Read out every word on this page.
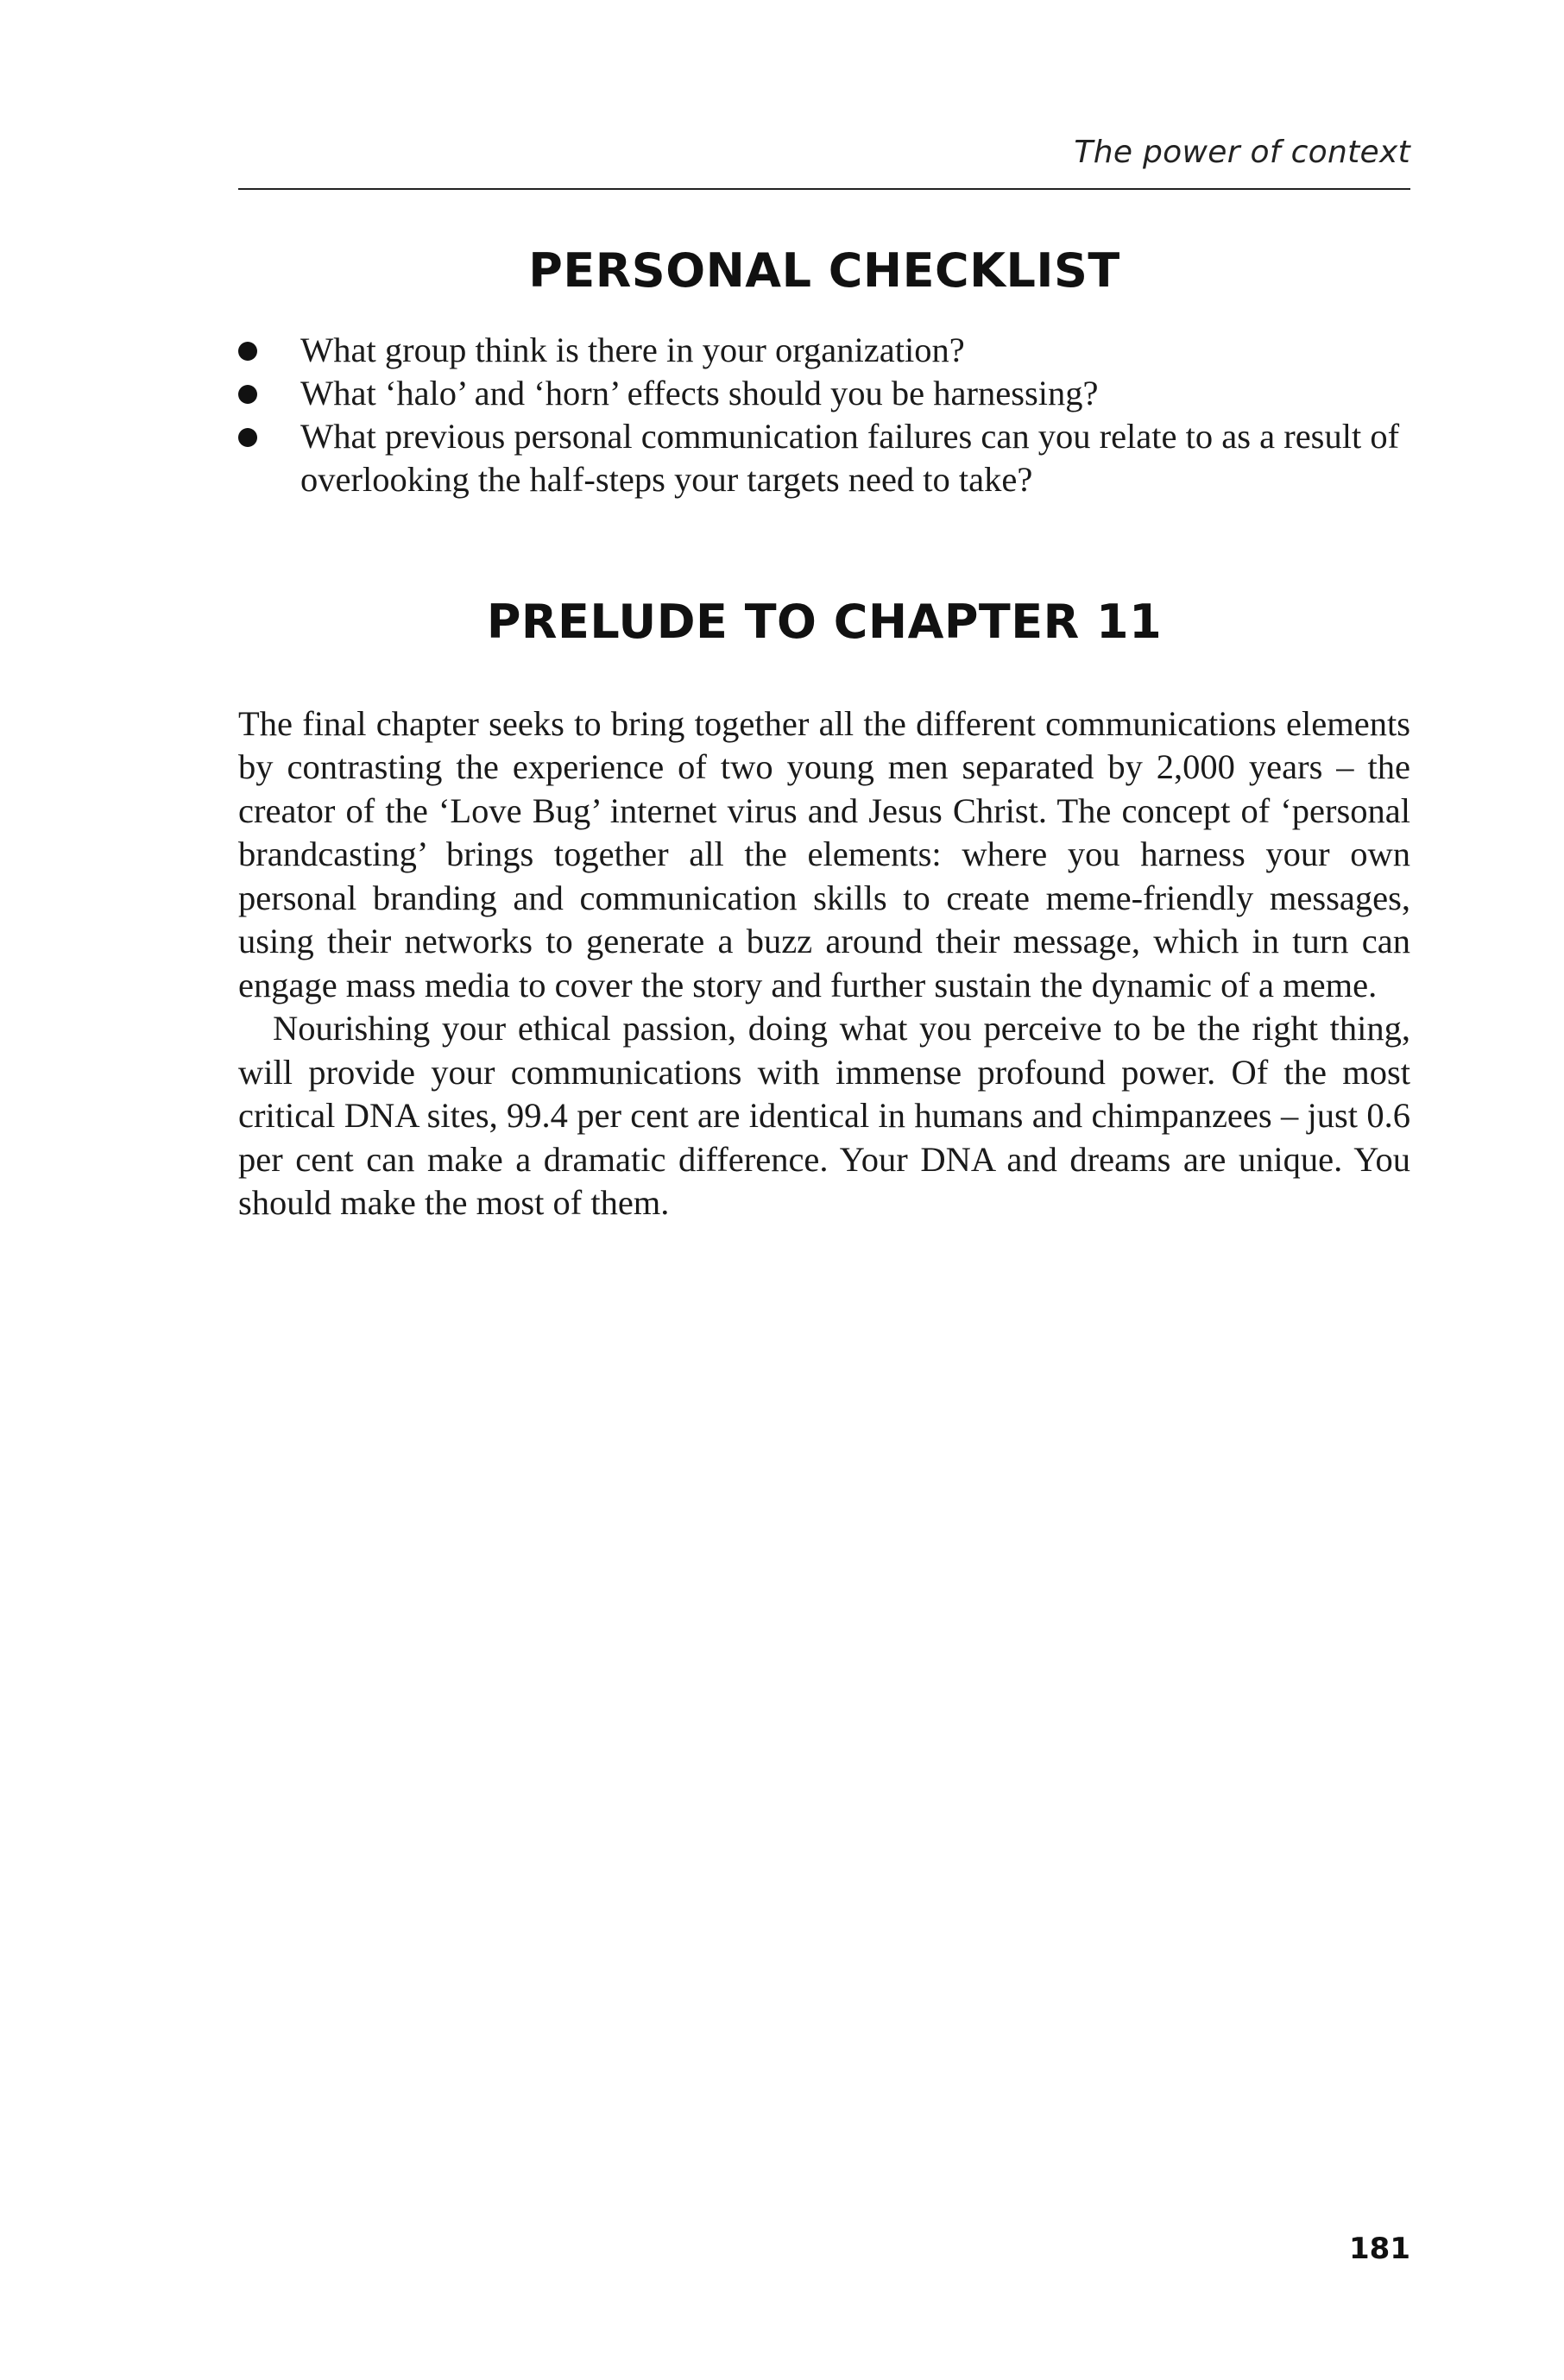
The power of context
PERSONAL CHECKLIST
What group think is there in your organization?
What ‘halo’ and ‘horn’ effects should you be harnessing?
What previous personal communication failures can you relate to as a result of overlooking the half-steps your targets need to take?
PRELUDE TO CHAPTER 11

The final chapter seeks to bring together all the different communications elements by contrasting the experience of two young men separated by 2,000 years – the creator of the ‘Love Bug’ internet virus and Jesus Christ. The concept of ‘personal brandcasting’ brings together all the elements: where you harness your own personal branding and communication skills to create meme-friendly messages, using their networks to generate a buzz around their message, which in turn can engage mass media to cover the story and further sustain the dynamic of a meme.

Nourishing your ethical passion, doing what you perceive to be the right thing, will provide your communications with immense profound power. Of the most critical DNA sites, 99.4 per cent are identical in humans and chimpanzees – just 0.6 per cent can make a dramatic difference. Your DNA and dreams are unique. You should make the most of them.

181
